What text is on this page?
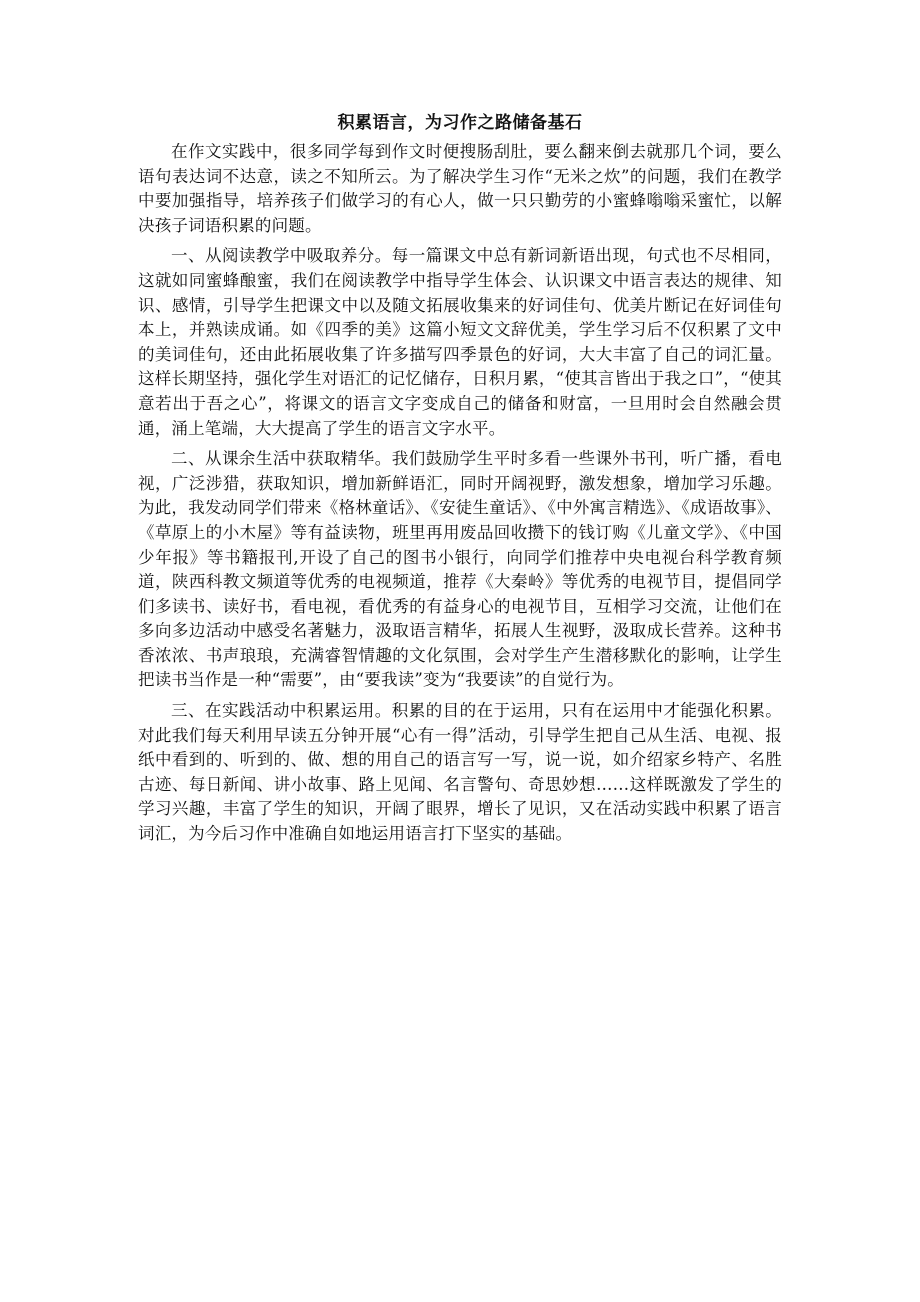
积累语言，为习作之路储备基石

在作文实践中，很多同学每到作文时便搜肠刮肚，要么翻来倒去就那几个词，要么语句表达词不达意，读之不知所云。为了解决学生习作“无米之炊”的问题，我们在教学中要加强指导，培养孩子们做学习的有心人，做一只只勤劳的小蜜蜂嗡嗡采蜜忙，以解决孩子词语积累的问题。

一、从阅读教学中吸取养分。每一篇课文中总有新词新语出现，句式也不尽相同，这就如同蜜蜂酿蜜，我们在阅读教学中指导学生体会、认识课文中语言表达的规律、知识、感情，引导学生把课文中以及随文拓展收集来的好词佳句、优美片断记在好词佳句本上，并熟读成诵。如《四季的美》这篇小短文文辞优美，学生学习后不仅积累了文中的美词佳句，还由此拓展收集了许多描写四季景色的好词，大大丰富了自己的词汇量。这样长期坚持，强化学生对语汇的记忆储存，日积月累，“使其言皆出于我之口”，“使其意若出于吾之心”，将课文的语言文字变成自己的储备和财富，一旦用时会自然融会贯通，涌上笔端，大大提高了学生的语言文字水平。

二、从课余生活中获取精华。我们鼓励学生平时多看一些课外书刊，听广播，看电视，广泛涉猎，获取知识，增加新鲜语汇，同时开阔视野，激发想象，增加学习乐趣。为此，我发动同学们带来《格林童话》、《安徒生童话》、《中外寓言精选》、《成语故事》、《草原上的小木屋》等有益读物，班里再用废品回收攒下的钱订购《儿童文学》、《中国少年报》等书籍报刊,开设了自己的图书小银行，向同学们推荐中央电视台科学教育频道，陕西科教文频道等优秀的电视频道，推荐《大秦岭》等优秀的电视节目，提倡同学们多读书、读好书，看电视，看优秀的有益身心的电视节目，互相学习交流，让他们在多向多边活动中感受名著魅力，汲取语言精华，拓展人生视野，汲取成长营养。这种书香浓浓、书声琅琅，充满睿智情趣的文化氛围，会对学生产生潜移默化的影响，让学生把读书当作是一种“需要”，由“要我读”变为“我要读”的自觉行为。

三、在实践活动中积累运用。积累的目的在于运用，只有在运用中才能强化积累。对此我们每天利用早读五分钟开展“心有一得”活动，引导学生把自己从生活、电视、报纸中看到的、听到的、做、想的用自己的语言写一写，说一说，如介绍家乡特产、名胜古迹、每日新闻、讲小故事、路上见闻、名言警句、奇思妙想……这样既激发了学生的学习兴趣，丰富了学生的知识，开阔了眼界，增长了见识，又在活动实践中积累了语言词汇，为今后习作中准确自如地运用语言打下坚实的基础。
